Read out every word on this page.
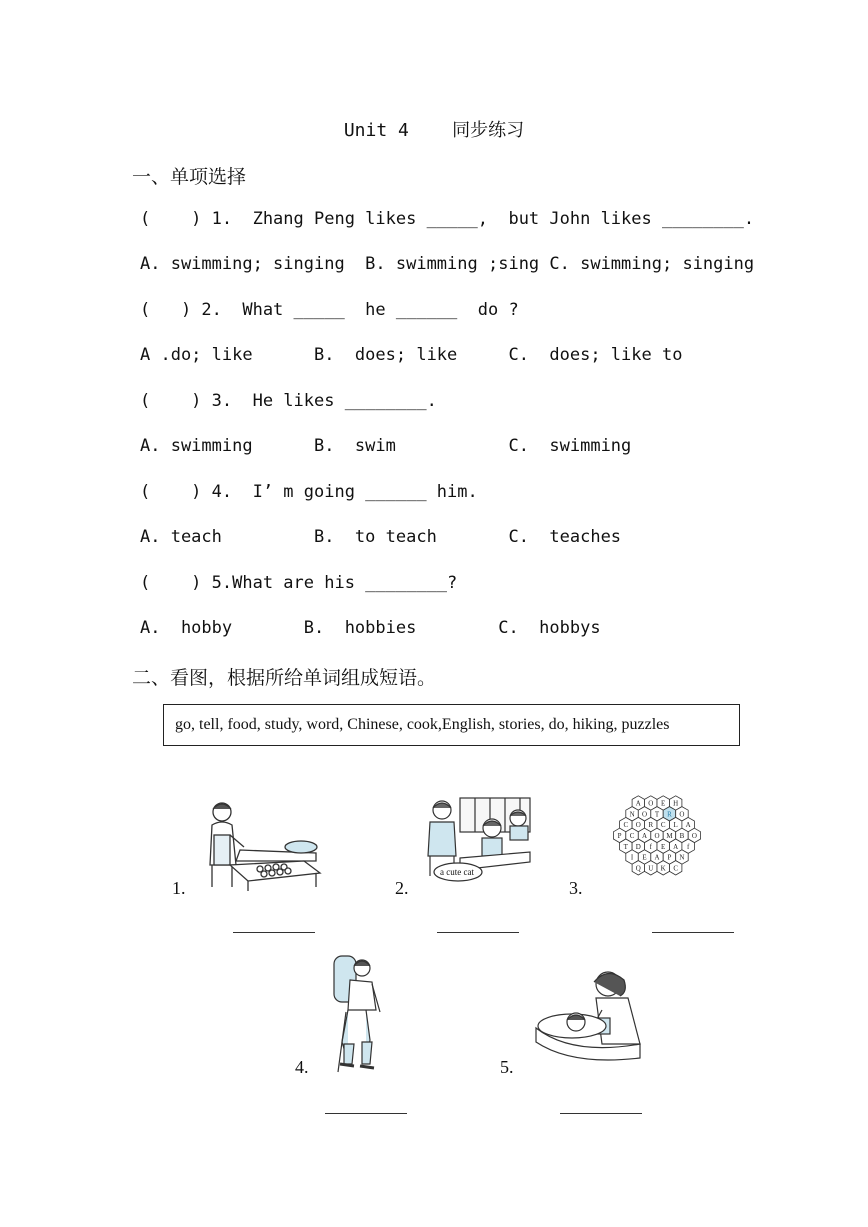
Unit 4    同步练习
一、单项选择
(    ) 1.  Zhang Peng likes _____,  but John likes ________.
A. swimming; singing  B. swimming ;sing C. swimming; singing
(   ) 2.  What _____  he ______  do ?
A .do; like      B.  does; like     C.  does; like to
(    ) 3.  He likes ________.
A. swimming      B.  swim           C.  swimming
(    ) 4.  I’ m going ______ him.
A. teach         B.  to teach       C.  teaches
(    ) 5.What are his ________?
A.  hobby       B.  hobbies        C.  hobbys
二、看图，根据所给单词组成短语。
go, tell, food, study, word, Chinese, cook,English, stories, do, hiking, puzzles
1.	2.
a cute cat
3.
A O E H
N O T R O
C O R C L A
P C A O M B O
T D f E A f
I E A P N
Q U K C
4.	5.
